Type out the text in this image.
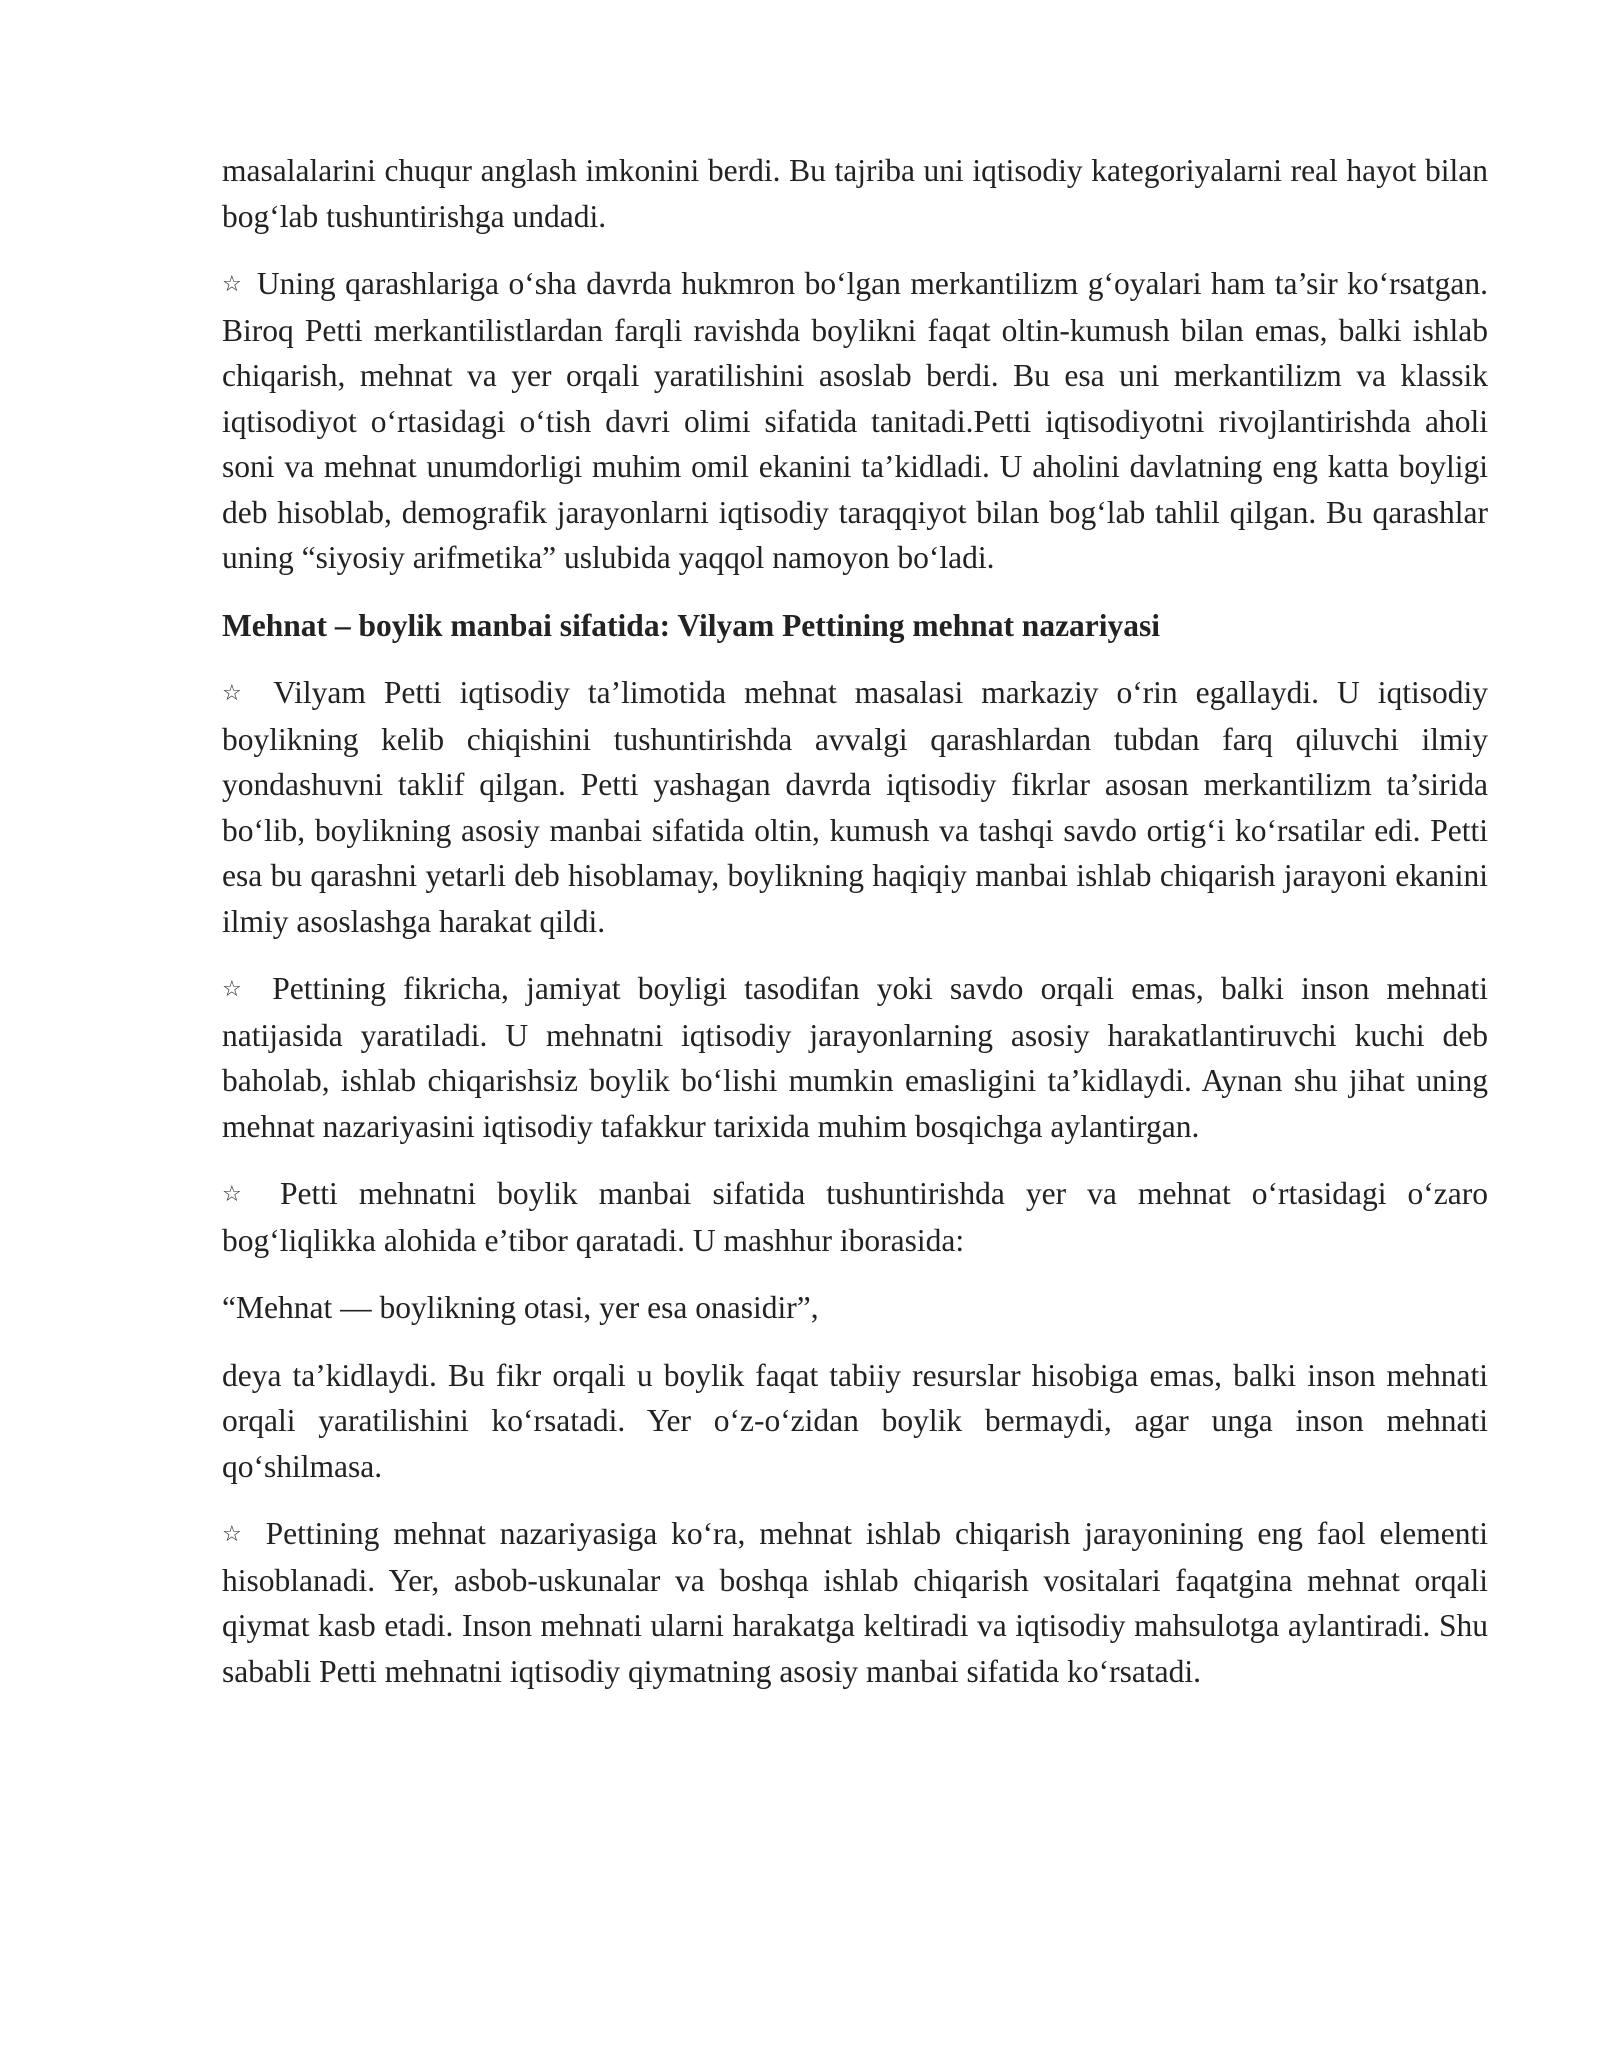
masalalarini chuqur anglash imkonini berdi. Bu tajriba uni iqtisodiy kategoriyalarni real hayot bilan bog‘lab tushuntirishga undadi.

☆ Uning qarashlariga o‘sha davrda hukmron bo‘lgan merkantilizm g‘oyalari ham ta’sir ko‘rsatgan. Biroq Petti merkantilistlardan farqli ravishda boylikni faqat oltin-kumush bilan emas, balki ishlab chiqarish, mehnat va yer orqali yaratilishini asoslab berdi. Bu esa uni merkantilizm va klassik iqtisodiyot o‘rtasidagi o‘tish davri olimi sifatida tanitadi.Petti iqtisodiyotni rivojlantirishda aholi soni va mehnat unumdorligi muhim omil ekanini ta’kidladi. U aholini davlatning eng katta boyligi deb hisoblab, demografik jarayonlarni iqtisodiy taraqqiyot bilan bog‘lab tahlil qilgan. Bu qarashlar uning “siyosiy arifmetika” uslubida yaqqol namoyon bo‘ladi.

Mehnat – boylik manbai sifatida: Vilyam Pettining mehnat nazariyasi

☆ Vilyam Petti iqtisodiy ta’limotida mehnat masalasi markaziy o‘rin egallaydi. U iqtisodiy boylikning kelib chiqishini tushuntirishda avvalgi qarashlardan tubdan farq qiluvchi ilmiy yondashuvni taklif qilgan. Petti yashagan davrda iqtisodiy fikrlar asosan merkantilizm ta’sirida bo‘lib, boylikning asosiy manbai sifatida oltin, kumush va tashqi savdo ortig‘i ko‘rsatilar edi. Petti esa bu qarashni yetarli deb hisoblamay, boylikning haqiqiy manbai ishlab chiqarish jarayoni ekanini ilmiy asoslashga harakat qildi.

☆ Pettining fikricha, jamiyat boyligi tasodifan yoki savdo orqali emas, balki inson mehnati natijasida yaratiladi. U mehnatni iqtisodiy jarayonlarning asosiy harakatlantiruvchi kuchi deb baholab, ishlab chiqarishsiz boylik bo‘lishi mumkin emasligini ta’kidlaydi. Aynan shu jihat uning mehnat nazariyasini iqtisodiy tafakkur tarixida muhim bosqichga aylantirgan.

☆ Petti mehnatni boylik manbai sifatida tushuntirishda yer va mehnat o‘rtasidagi o‘zaro bog‘liqlikka alohida e’tibor qaratadi. U mashhur iborasida:

“Mehnat — boylikning otasi, yer esa onasidir”,

deya ta’kidlaydi. Bu fikr orqali u boylik faqat tabiiy resurslar hisobiga emas, balki inson mehnati orqali yaratilishini ko‘rsatadi. Yer o‘z-o‘zidan boylik bermaydi, agar unga inson mehnati qo‘shilmasa.

☆ Pettining mehnat nazariyasiga ko‘ra, mehnat ishlab chiqarish jarayonining eng faol elementi hisoblanadi. Yer, asbob-uskunalar va boshqa ishlab chiqarish vositalari faqatgina mehnat orqali qiymat kasb etadi. Inson mehnati ularni harakatga keltiradi va iqtisodiy mahsulotga aylantiradi. Shu sababli Petti mehnatni iqtisodiy qiymatning asosiy manbai sifatida ko‘rsatadi.
